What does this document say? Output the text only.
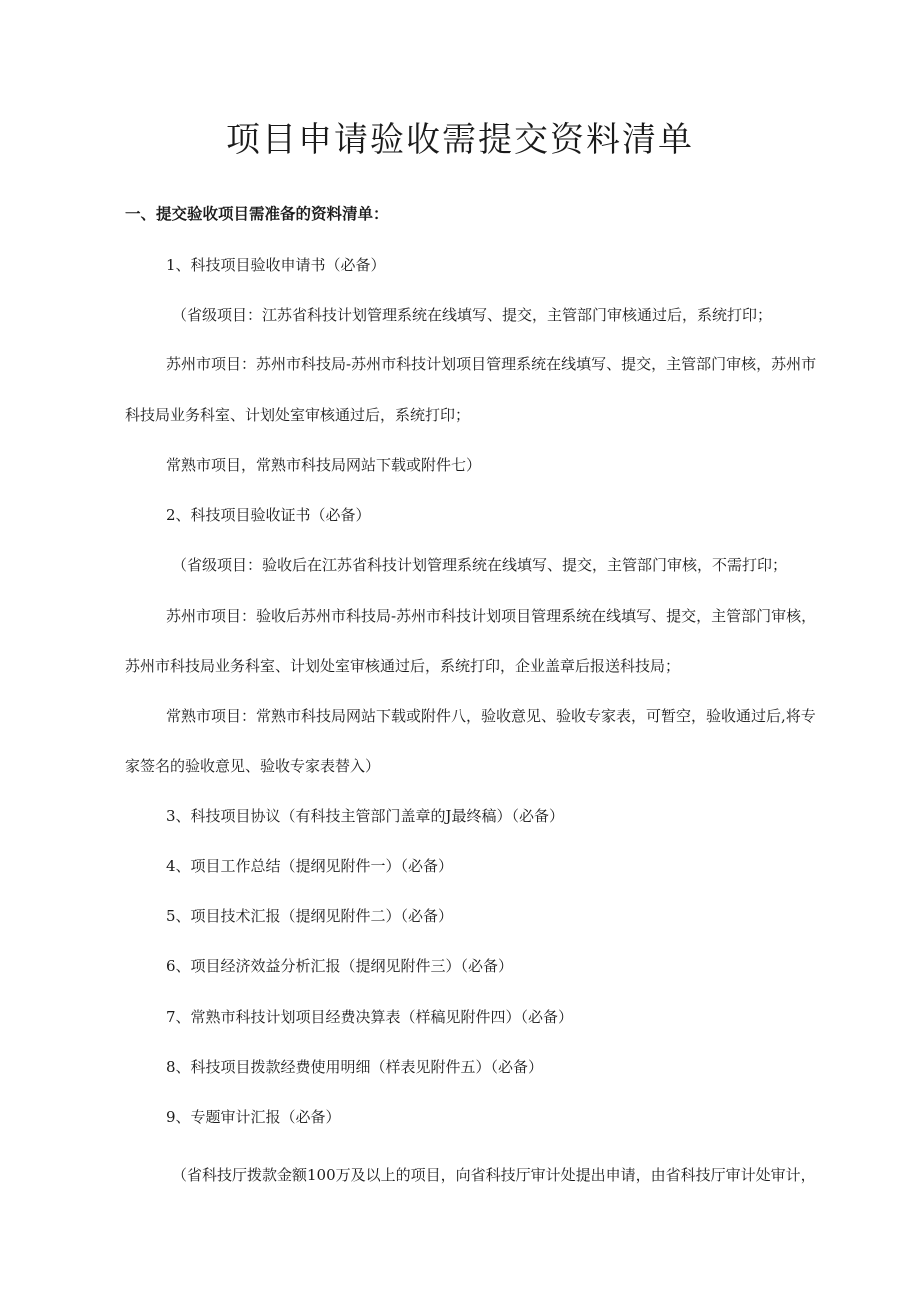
项目申请验收需提交资料清单

一、提交验收项目需准备的资料清单：

1、科技项目验收申请书（必备）

（省级项目：江苏省科技计划管理系统在线填写、提交，主管部门审核通过后，系统打印；

苏州市项目：苏州市科技局-苏州市科技计划项目管理系统在线填写、提交，主管部门审核，苏州市

科技局业务科室、计划处室审核通过后，系统打印；

常熟市项目，常熟市科技局网站下载或附件七）

2、科技项目验收证书（必备）

（省级项目：验收后在江苏省科技计划管理系统在线填写、提交，主管部门审核，不需打印；

苏州市项目：验收后苏州市科技局-苏州市科技计划项目管理系统在线填写、提交，主管部门审核，

苏州市科技局业务科室、计划处室审核通过后，系统打印，企业盖章后报送科技局；

常熟市项目：常熟市科技局网站下载或附件八，验收意见、验收专家表，可暂空，验收通过后,将专

家签名的验收意见、验收专家表替入）

3、科技项目协议（有科技主管部门盖章的J最终稿）（必备）

4、项目工作总结（提纲见附件一）（必备）

5、项目技术汇报（提纲见附件二）（必备）

6、项目经济效益分析汇报（提纲见附件三）（必备）

7、常熟市科技计划项目经费决算表（样稿见附件四）（必备）

8、科技项目拨款经费使用明细（样表见附件五）（必备）

9、专题审计汇报（必备）

（省科技厅拨款金额100万及以上的项目，向省科技厅审计处提出申请，由省科技厅审计处审计，
